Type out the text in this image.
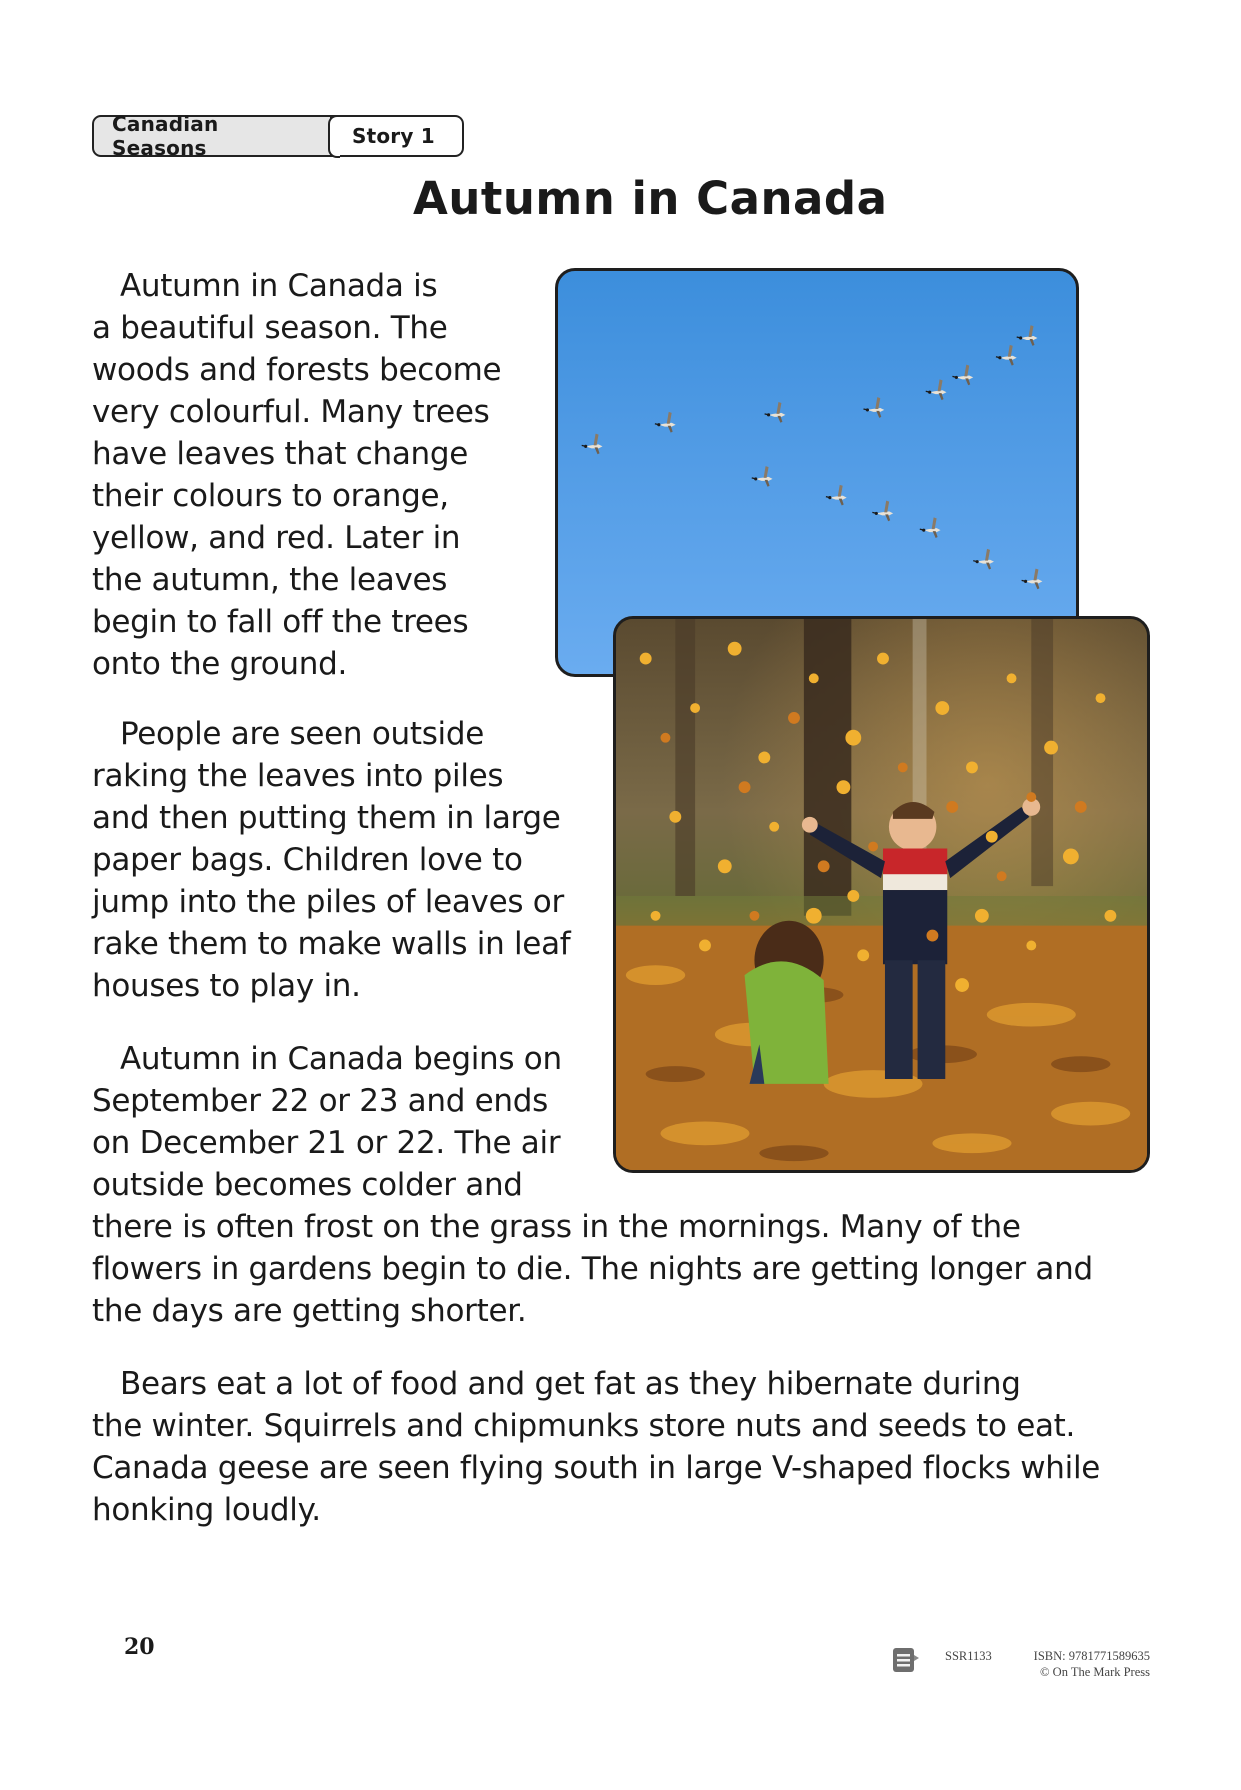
Canadian Seasons	Story 1
Autumn in Canada
Autumn in Canada is
a beautiful season. The
woods and forests become
very colourful. Many trees
have leaves that change
their colours to orange,
yellow, and red. Later in
the autumn, the leaves
begin to fall off the trees
onto the ground.
People are seen outside
raking the leaves into piles
and then putting them in large
paper bags. Children love to
jump into the piles of leaves or
rake them to make walls in leaf
houses to play in.
Autumn in Canada begins on
September 22 or 23 and ends
on December 21 or 22. The air
outside becomes colder and
there is often frost on the grass in the mornings. Many of the
flowers in gardens begin to die. The nights are getting longer and
the days are getting shorter.
Bears eat a lot of food and get fat as they hibernate during
the winter. Squirrels and chipmunks store nuts and seeds to eat.
Canada geese are seen flying south in large V-shaped flocks while
honking loudly.
20	SSR1133	ISBN: 9781771589635
© On The Mark Press
